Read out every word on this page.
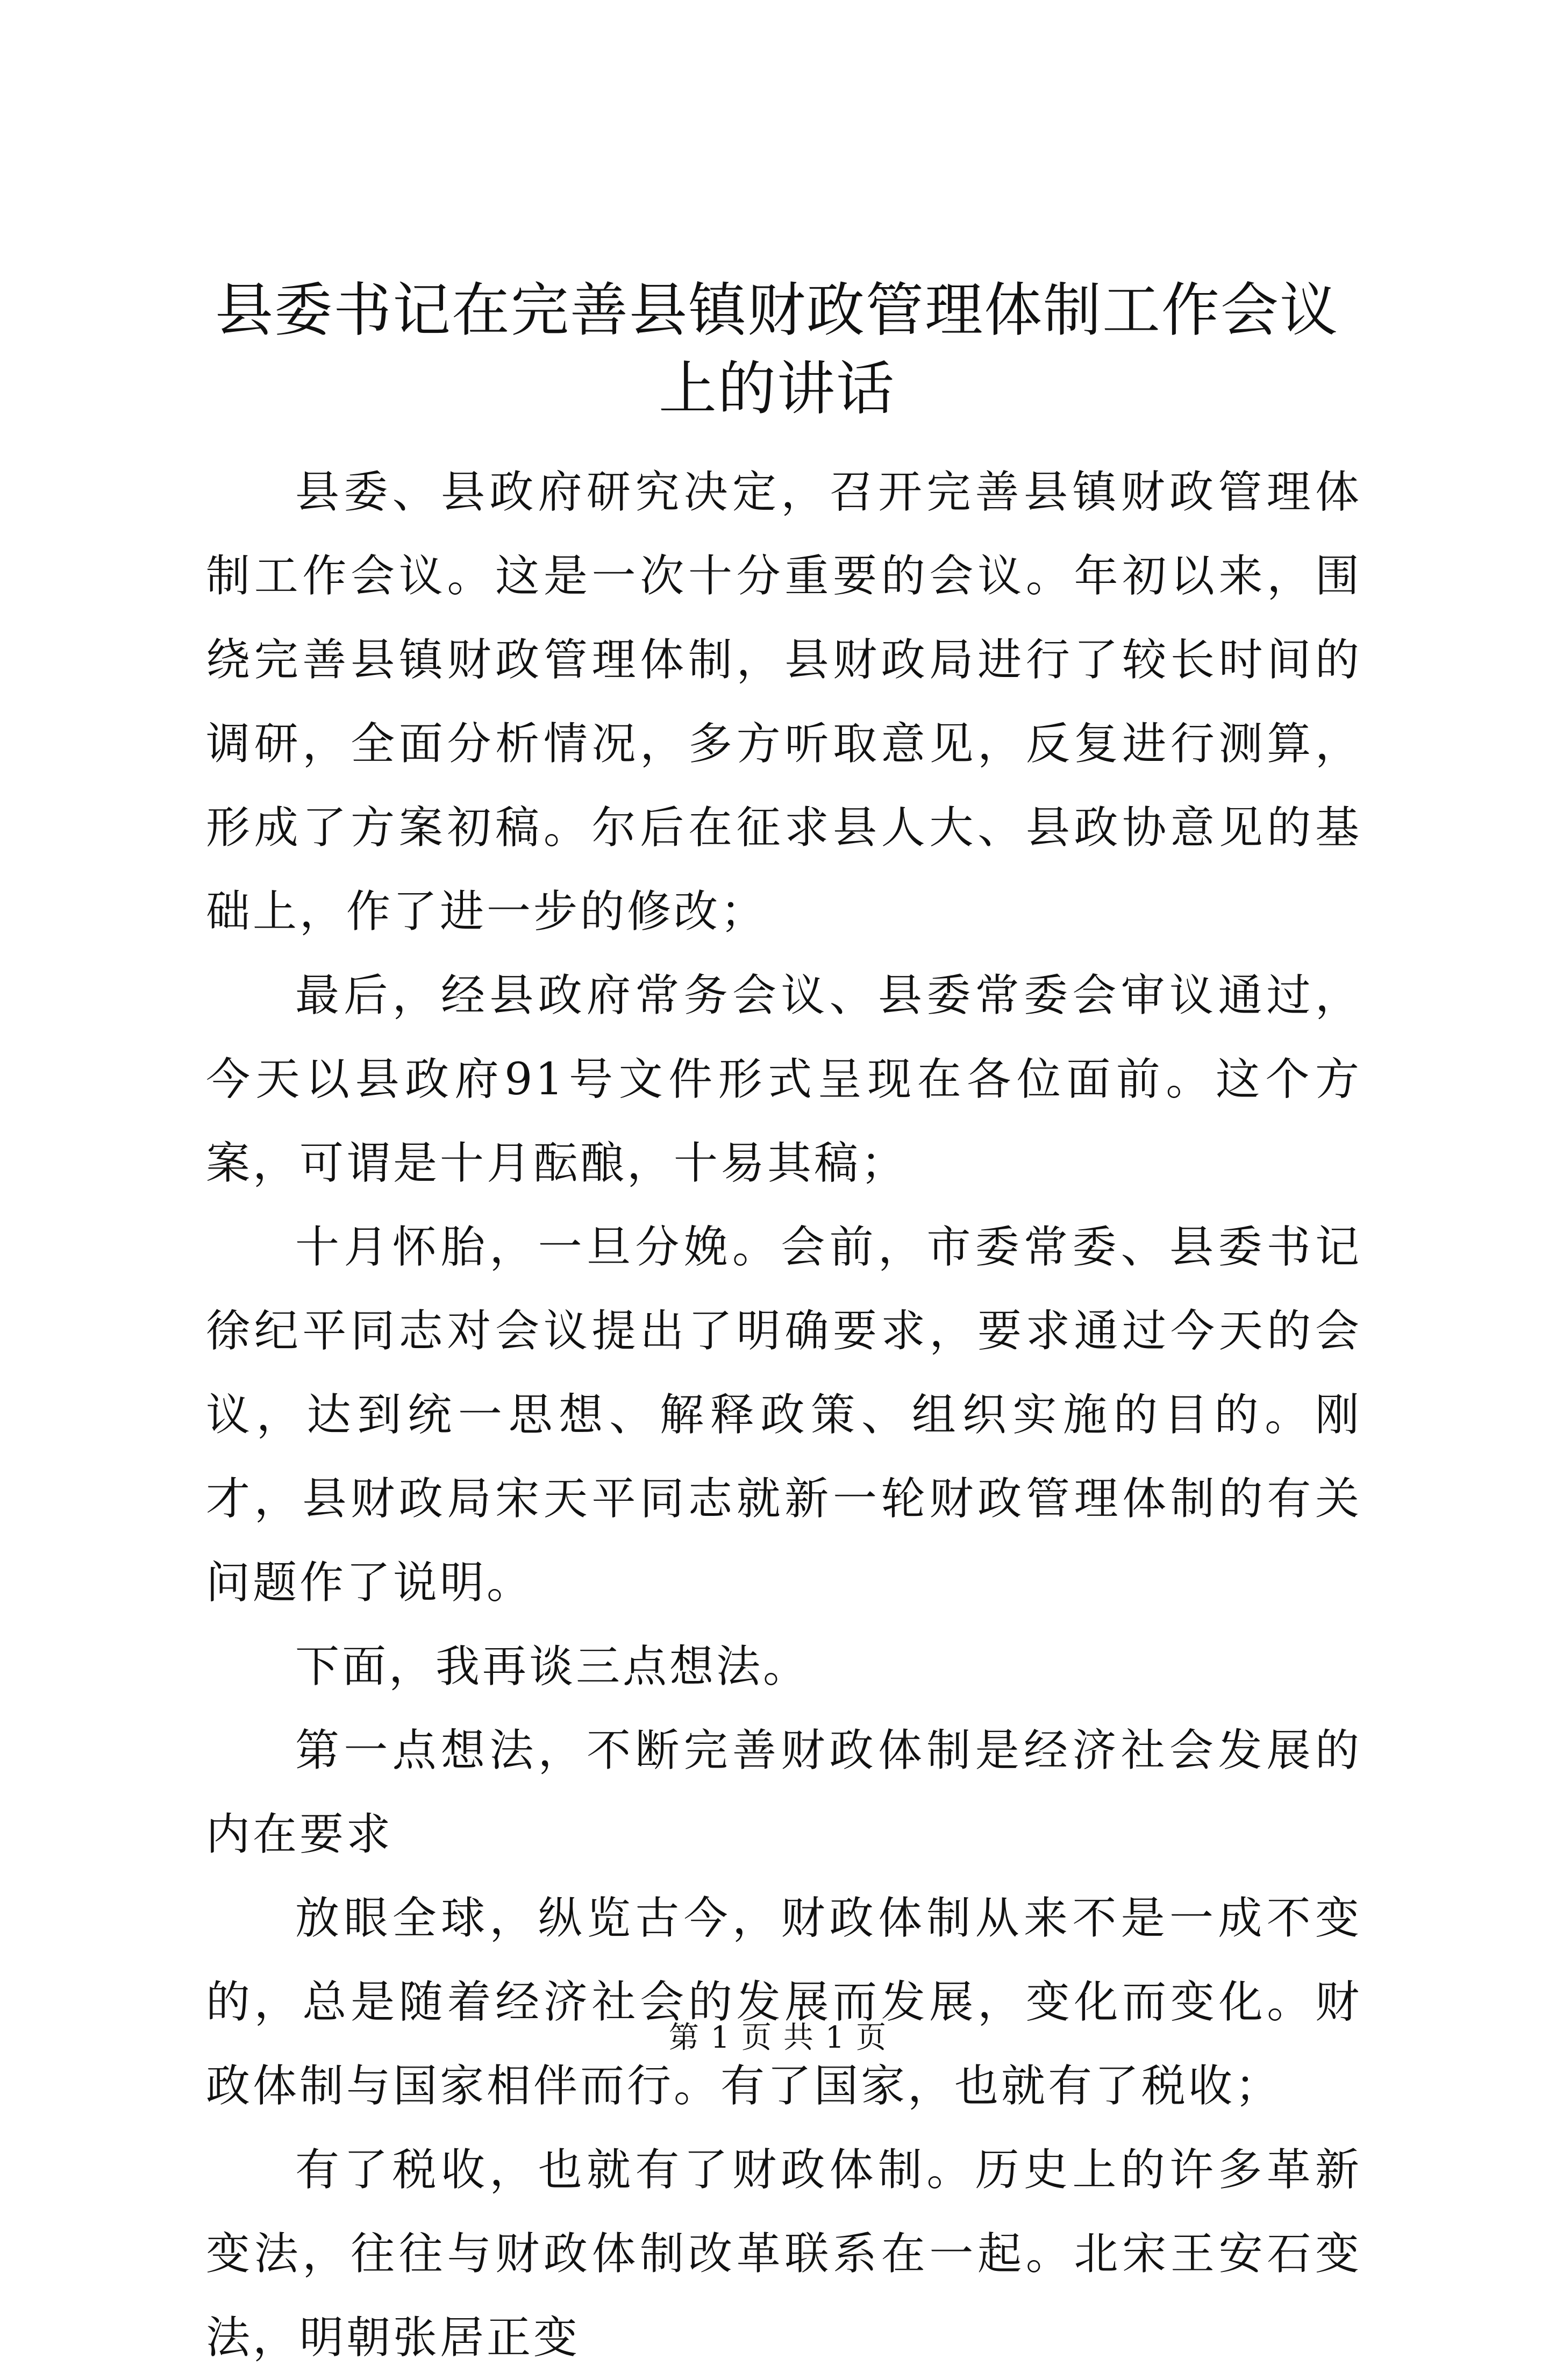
县委书记在完善县镇财政管理体制工作会议上的讲话

县委、县政府研究决定，召开完善县镇财政管理体制工作会议。这是一次十分重要的会议。年初以来，围绕完善县镇财政管理体制，县财政局进行了较长时间的调研，全面分析情况，多方听取意见，反复进行测算，形成了方案初稿。尔后在征求县人大、县政协意见的基础上，作了进一步的修改；

最后，经县政府常务会议、县委常委会审议通过，今天以县政府91号文件形式呈现在各位面前。这个方案，可谓是十月酝酿，十易其稿；

十月怀胎，一旦分娩。会前，市委常委、县委书记徐纪平同志对会议提出了明确要求，要求通过今天的会议，达到统一思想、解释政策、组织实施的目的。刚才，县财政局宋天平同志就新一轮财政管理体制的有关问题作了说明。

下面，我再谈三点想法。

第一点想法，不断完善财政体制是经济社会发展的内在要求

放眼全球，纵览古今，财政体制从来不是一成不变的，总是随着经济社会的发展而发展，变化而变化。财政体制与国家相伴而行。有了国家，也就有了税收；

有了税收，也就有了财政体制。历史上的许多革新变法，往往与财政体制改革联系在一起。北宋王安石变法，明朝张居正变

第 1 页 共 1 页
